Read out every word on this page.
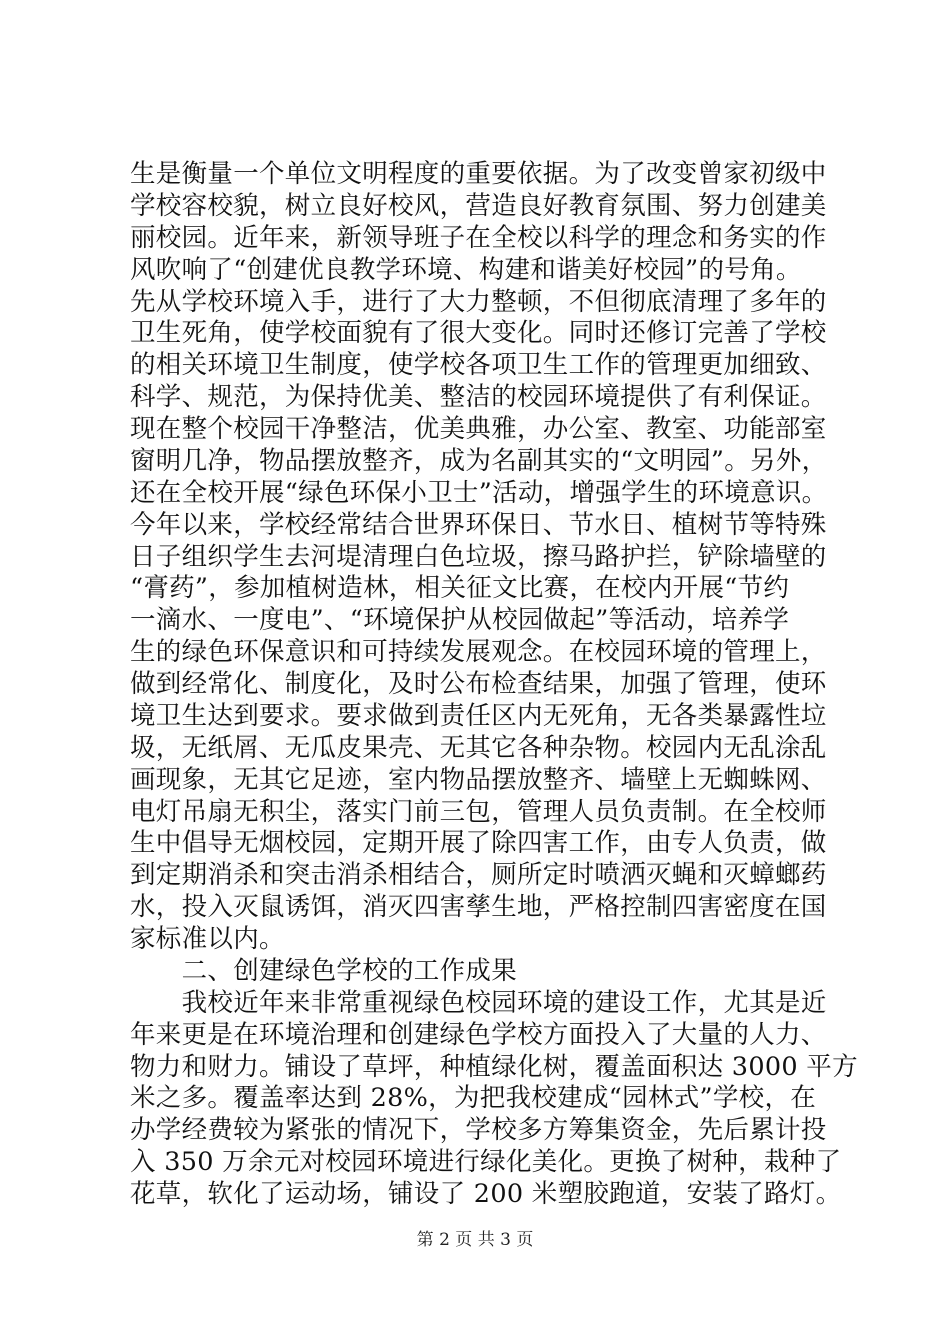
生是衡量一个单位文明程度的重要依据。为了改变曾家初级中
学校容校貌，树立良好校风，营造良好教育氛围、努力创建美
丽校园。近年来，新领导班子在全校以科学的理念和务实的作
风吹响了“创建优良教学环境、构建和谐美好校园”的号角。
先从学校环境入手，进行了大力整顿，不但彻底清理了多年的
卫生死角，使学校面貌有了很大变化。同时还修订完善了学校
的相关环境卫生制度，使学校各项卫生工作的管理更加细致、
科学、规范，为保持优美、整洁的校园环境提供了有利保证。
现在整个校园干净整洁，优美典雅，办公室、教室、功能部室
窗明几净，物品摆放整齐，成为名副其实的“文明园”。另外，
还在全校开展“绿色环保小卫士”活动，增强学生的环境意识。
今年以来，学校经常结合世界环保日、节水日、植树节等特殊
日子组织学生去河堤清理白色垃圾，擦马路护拦，铲除墙壁的
“膏药”，参加植树造林，相关征文比赛，在校内开展“节约
一滴水、一度电”、“环境保护从校园做起”等活动，培养学
生的绿色环保意识和可持续发展观念。在校园环境的管理上，
做到经常化、制度化，及时公布检查结果，加强了管理，使环
境卫生达到要求。要求做到责任区内无死角，无各类暴露性垃
圾，无纸屑、无瓜皮果壳、无其它各种杂物。校园内无乱涂乱
画现象，无其它足迹，室内物品摆放整齐、墙壁上无蜘蛛网、
电灯吊扇无积尘，落实门前三包，管理人员负责制。在全校师
生中倡导无烟校园，定期开展了除四害工作，由专人负责，做
到定期消杀和突击消杀相结合，厕所定时喷洒灭蝇和灭蟑螂药
水，投入灭鼠诱饵，消灭四害孳生地，严格控制四害密度在国
家标准以内。
　　二、创建绿色学校的工作成果
　　我校近年来非常重视绿色校园环境的建设工作，尤其是近
年来更是在环境治理和创建绿色学校方面投入了大量的人力、
物力和财力。铺设了草坪，种植绿化树，覆盖面积达 3000 平方
米之多。覆盖率达到 28%，为把我校建成“园林式”学校，在
办学经费较为紧张的情况下，学校多方筹集资金，先后累计投
入 350 万余元对校园环境进行绿化美化。更换了树种，栽种了
花草，软化了运动场，铺设了 200 米塑胶跑道，安装了路灯。
第 2 页 共 3 页
